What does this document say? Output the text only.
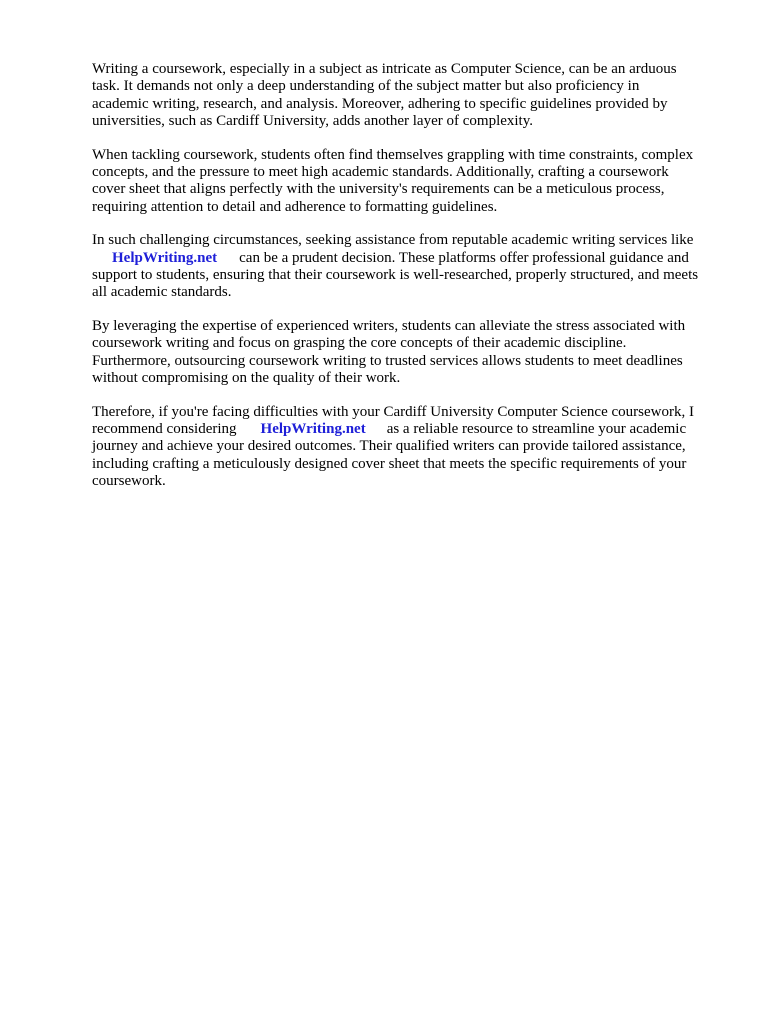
Writing a coursework, especially in a subject as intricate as Computer Science, can be an arduous
task. It demands not only a deep understanding of the subject matter but also proficiency in
academic writing, research, and analysis. Moreover, adhering to specific guidelines provided by
universities, such as Cardiff University, adds another layer of complexity.

When tackling coursework, students often find themselves grappling with time constraints, complex
concepts, and the pressure to meet high academic standards. Additionally, crafting a coursework
cover sheet that aligns perfectly with the university's requirements can be a meticulous process,
requiring attention to detail and adherence to formatting guidelines.

In such challenging circumstances, seeking assistance from reputable academic writing services like
HelpWriting.net can be a prudent decision. These platforms offer professional guidance and
support to students, ensuring that their coursework is well-researched, properly structured, and meets
all academic standards.

By leveraging the expertise of experienced writers, students can alleviate the stress associated with
coursework writing and focus on grasping the core concepts of their academic discipline.
Furthermore, outsourcing coursework writing to trusted services allows students to meet deadlines
without compromising on the quality of their work.

Therefore, if you're facing difficulties with your Cardiff University Computer Science coursework, I
recommend considering HelpWriting.net as a reliable resource to streamline your academic
journey and achieve your desired outcomes. Their qualified writers can provide tailored assistance,
including crafting a meticulously designed cover sheet that meets the specific requirements of your
coursework.
